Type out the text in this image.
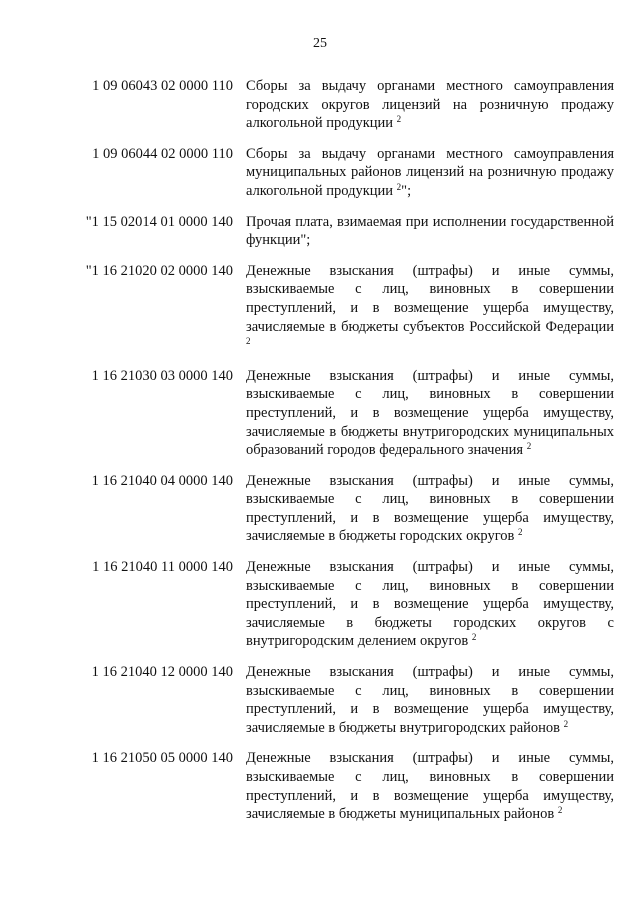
25
1 09 06043 02 0000 110 Сборы за выдачу органами местного самоуправления городских округов лицензий на розничную продажу алкогольной продукции $^2$
1 09 06044 02 0000 110 Сборы за выдачу органами местного самоуправления муниципальных районов лицензий на розничную продажу алкогольной продукции $^2$";
"1 15 02014 01 0000 140 Прочая плата, взимаемая при исполнении государственной функции";
"1 16 21020 02 0000 140 Денежные взыскания (штрафы) и иные суммы, взыскиваемые с лиц, виновных в совершении преступлений, и в возмещение ущерба имуществу, зачисляемые в бюджеты субъектов Российской Федерации $^2$
1 16 21030 03 0000 140 Денежные взыскания (штрафы) и иные суммы, взыскиваемые с лиц, виновных в совершении преступлений, и в возмещение ущерба имуществу, зачисляемые в бюджеты внутригородских муниципальных образований городов федерального значения $^2$
1 16 21040 04 0000 140 Денежные взыскания (штрафы) и иные суммы, взыскиваемые с лиц, виновных в совершении преступлений, и в возмещение ущерба имуществу, зачисляемые в бюджеты городских округов $^2$
1 16 21040 11 0000 140 Денежные взыскания (штрафы) и иные суммы, взыскиваемые с лиц, виновных в совершении преступлений, и в возмещение ущерба имуществу, зачисляемые в бюджеты городских округов с внутригородским делением округов $^2$
1 16 21040 12 0000 140 Денежные взыскания (штрафы) и иные суммы, взыскиваемые с лиц, виновных в совершении преступлений, и в возмещение ущерба имуществу, зачисляемые в бюджеты внутригородских районов $^2$
1 16 21050 05 0000 140 Денежные взыскания (штрафы) и иные суммы, взыскиваемые с лиц, виновных в совершении преступлений, и в возмещение ущерба имуществу, зачисляемые в бюджеты муниципальных районов $^2$
